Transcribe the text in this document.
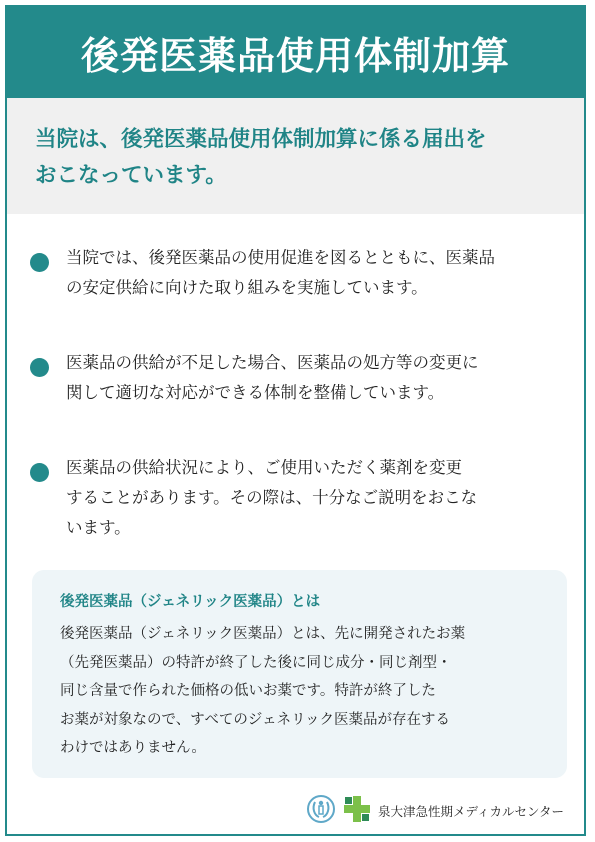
後発医薬品使用体制加算
当院は、後発医薬品使用体制加算に係る届出を
おこなっています。
当院では、後発医薬品の使用促進を図るとともに、医薬品
の安定供給に向けた取り組みを実施しています。
医薬品の供給が不足した場合、医薬品の処方等の変更に
関して適切な対応ができる体制を整備しています。
医薬品の供給状況により、ご使用いただく薬剤を変更
することがあります。その際は、十分なご説明をおこな
います。
後発医薬品（ジェネリック医薬品）とは
後発医薬品（ジェネリック医薬品）とは、先に開発されたお薬
（先発医薬品）の特許が終了した後に同じ成分・同じ剤型・
同じ含量で作られた価格の低いお薬です。特許が終了した
お薬が対象なので、すべてのジェネリック医薬品が存在する
わけではありません。
泉大津急性期メディカルセンター
